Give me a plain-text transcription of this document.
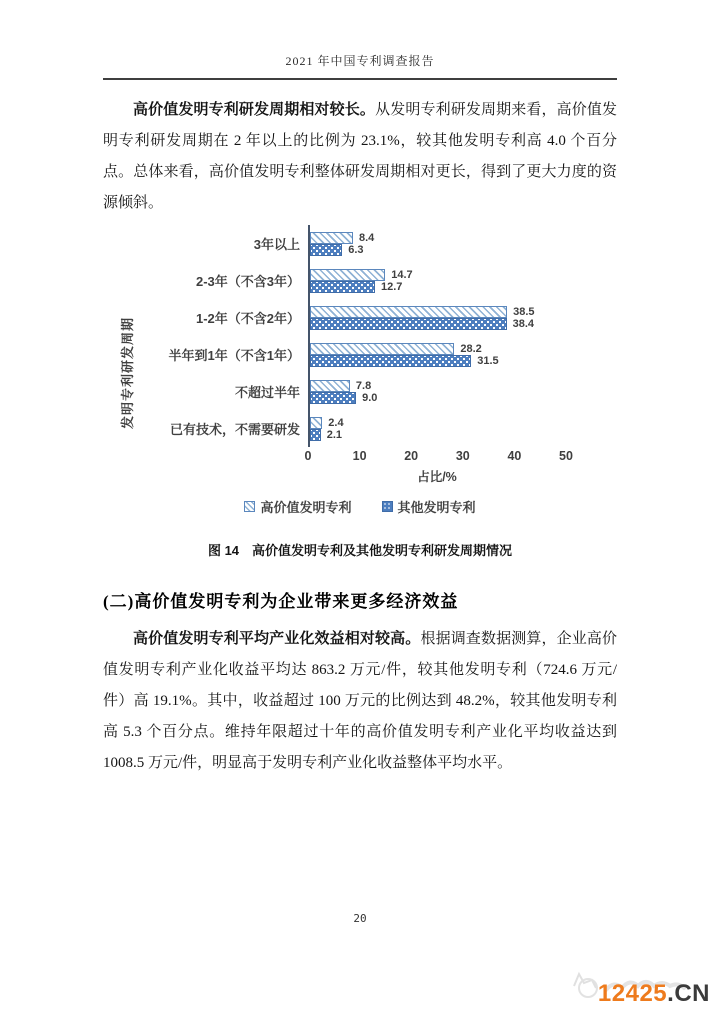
2021 年中国专利调查报告

高价值发明专利研发周期相对较长。从发明专利研发周期来看，高价值发明专利研发周期在 2 年以上的比例为 23.1%，较其他发明专利高 4.0 个百分点。总体来看，高价值发明专利整体研发周期相对更长，得到了更大力度的资源倾斜。

发明专利研发周期
3年以上	8.4
6.3
2-3年（不含3年）	14.7
12.7
1-2年（不含2年）	38.5
38.4
半年到1年（不含1年）	28.2
31.5
不超过半年	7.8
9.0
已有技术，不需要研发	2.4
2.1
0	10	20	30	40	50
占比/%
高价值发明专利	其他发明专利
图 14　高价值发明专利及其他发明专利研发周期情况
(二)高价值发明专利为企业带来更多经济效益

高价值发明专利平均产业化效益相对较高。根据调查数据测算，企业高价值发明专利产业化收益平均达 863.2 万元/件，较其他发明专利（724.6 万元/件）高 19.1%。其中，收益超过 100 万元的比例达到 48.2%，较其他发明专利高 5.3 个百分点。维持年限超过十年的高价值发明专利产业化平均收益达到 1008.5 万元/件，明显高于发明专利产业化收益整体平均水平。

20
12425.CN
